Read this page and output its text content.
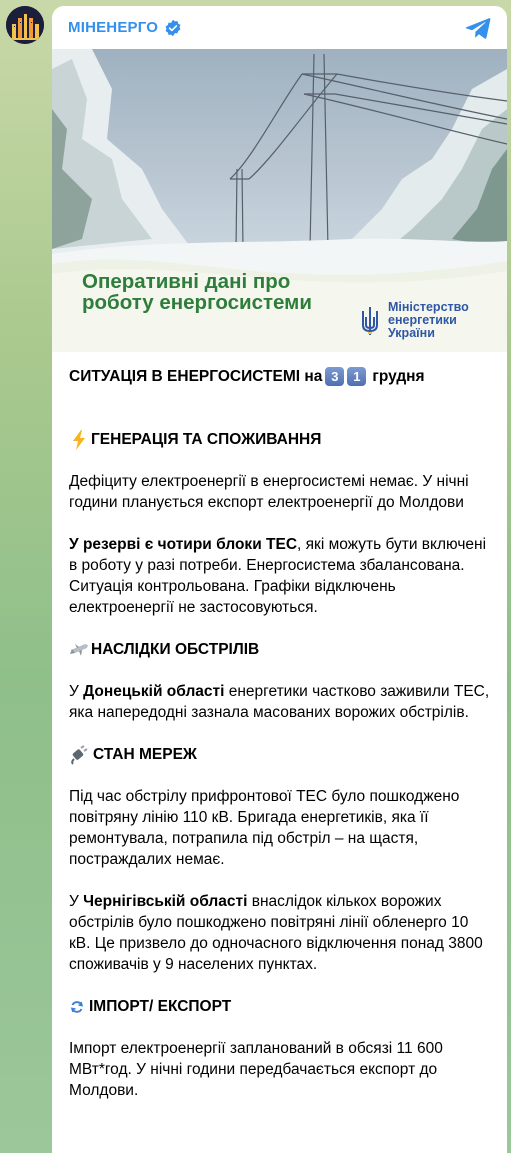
МІНЕНЕРГО
Оперативні дані про роботу енергосистеми	Міністерство
енергетики
України
СИТУАЦІЯ В ЕНЕРГОСИСТЕМІ на 3	1 грудня
ГЕНЕРАЦІЯ ТА СПОЖИВАННЯ
Дефіциту електроенергії в енергосистемі немає. У нічні години планується експорт електроенергії до Молдови
У резерві є чотири блоки ТЕС, які можуть бути включені в роботу у разі потреби. Енергосистема збалансована. Ситуація контрольована. Графіки відключень електроенергії не застосовуються.
НАСЛІДКИ ОБСТРІЛІВ
У Донецькій області енергетики частково заживили ТЕС, яка напередодні зазнала масованих ворожих обстрілів.
СТАН МЕРЕЖ
Під час обстрілу прифронтової ТЕС було пошкоджено повітряну лінію 110 кВ. Бригада енергетиків, яка її ремонтувала, потрапила під обстріл – на щастя, постраждалих немає.
У Чернігівській області внаслідок кількох ворожих обстрілів було пошкоджено повітряні лінії обленерго 10 кВ. Це призвело до одночасного відключення понад 3800 споживачів у 9 населених пунктах.
ІМПОРТ/ ЕКСПОРТ
Імпорт електроенергії запланований в обсязі 11 600 МВт*год. У нічні години передбачається експорт до Молдови.
